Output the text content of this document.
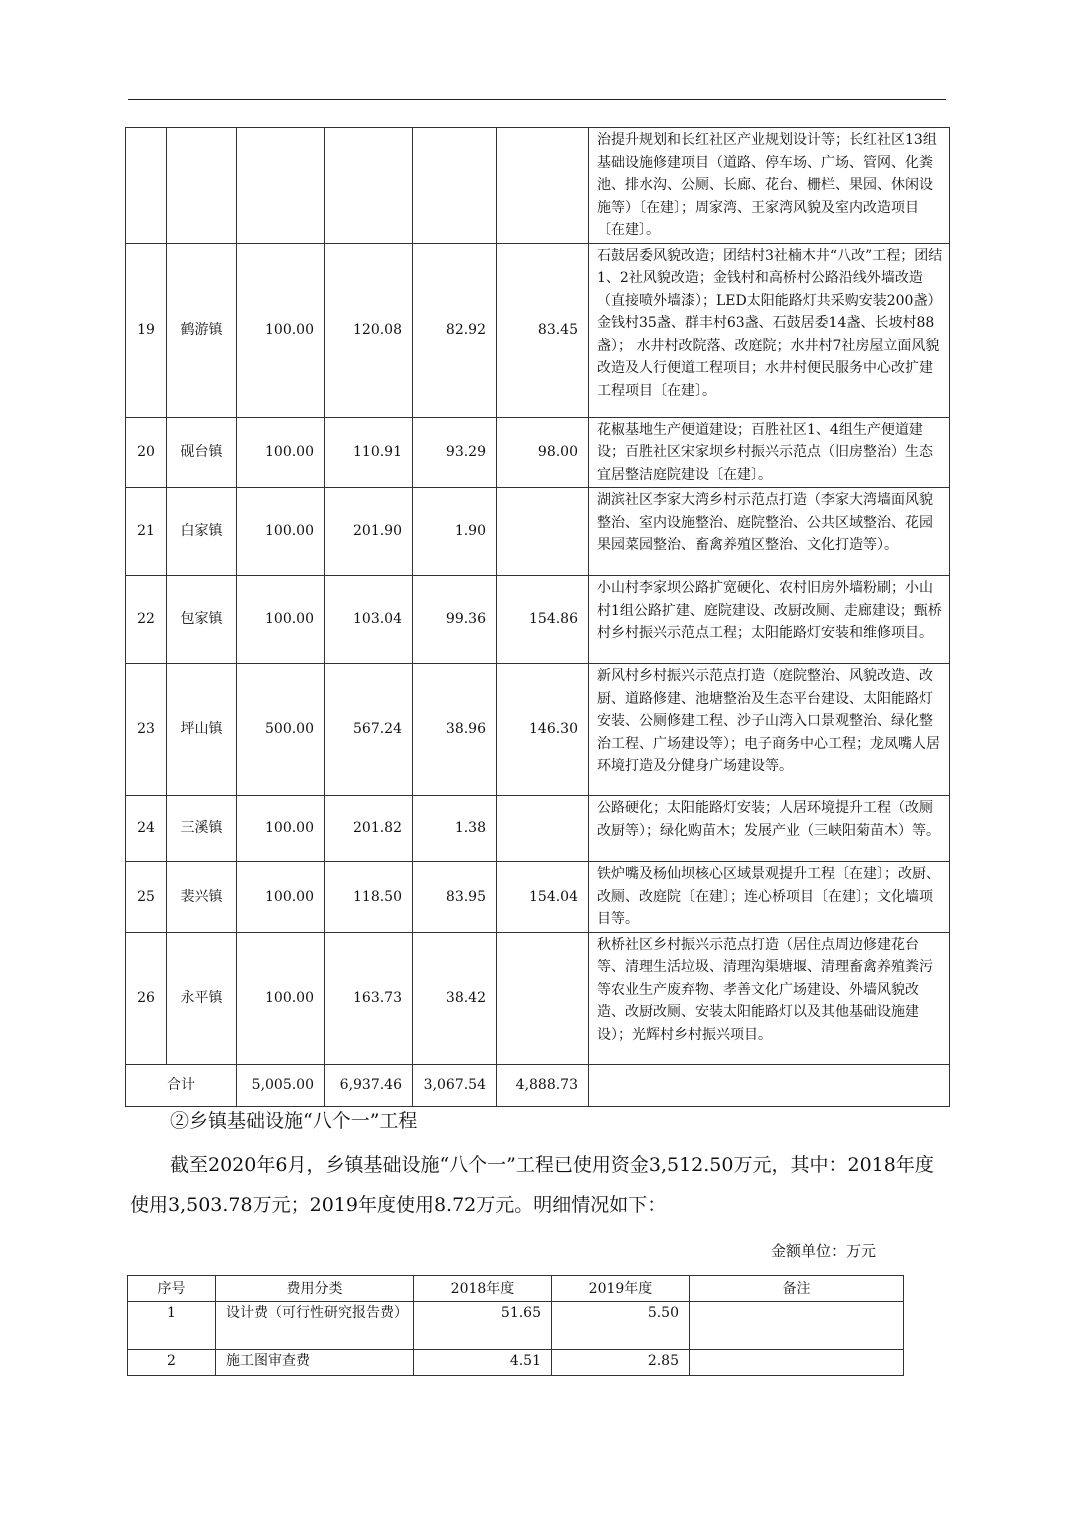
						治提升规划和长红社区产业规划设计等；长红社区13组基础设施修建项目（道路、停车场、广场、管网、化粪池、排水沟、公厕、长廊、花台、栅栏、果园、休闲设施等）〔在建〕；周家湾、王家湾风貌及室内改造项目〔在建〕。
19	鹤游镇	100.00	120.08	82.92	83.45	石鼓居委风貌改造；团结村3社楠木井“八改”工程；团结1、2社风貌改造；金钱村和高桥村公路沿线外墙改造（直接喷外墙漆）；LED太阳能路灯共采购安装200盏）金钱村35盏、群丰村63盏、石鼓居委14盏、长坡村88盏）； 水井村改院落、改庭院；水井村7社房屋立面风貌改造及人行便道工程项目；水井村便民服务中心改扩建工程项目〔在建〕。
20	砚台镇	100.00	110.91	93.29	98.00	花椒基地生产便道建设；百胜社区1、4组生产便道建设；百胜社区宋家坝乡村振兴示范点（旧房整治）生态宜居整洁庭院建设〔在建〕。
21	白家镇	100.00	201.90	1.90		湖滨社区李家大湾乡村示范点打造（李家大湾墙面风貌整治、室内设施整治、庭院整治、公共区域整治、花园果园菜园整治、畜禽养殖区整治、文化打造等）。
22	包家镇	100.00	103.04	99.36	154.86	小山村李家坝公路扩宽硬化、农村旧房外墙粉刷；小山村1组公路扩建、庭院建设、改厨改厕、走廊建设；甄桥村乡村振兴示范点工程；太阳能路灯安装和维修项目。
23	坪山镇	500.00	567.24	38.96	146.30	新风村乡村振兴示范点打造（庭院整治、风貌改造、改厨、道路修建、池塘整治及生态平台建设、太阳能路灯安装、公厕修建工程、沙子山湾入口景观整治、绿化整治工程、广场建设等）；电子商务中心工程；龙凤嘴人居环境打造及分健身广场建设等。
24	三溪镇	100.00	201.82	1.38		公路硬化；太阳能路灯安装；人居环境提升工程（改厕改厨等）；绿化购苗木；发展产业（三峡阳菊苗木）等。
25	裴兴镇	100.00	118.50	83.95	154.04	铁炉嘴及杨仙坝核心区域景观提升工程〔在建〕；改厨、改厕、改庭院〔在建〕；连心桥项目〔在建〕；文化墙项目等。
26	永平镇	100.00	163.73	38.42		秋桥社区乡村振兴示范点打造（居住点周边修建花台等、清理生活垃圾、清理沟渠塘堰、清理畜禽养殖粪污等农业生产废弃物、孝善文化广场建设、外墙风貌改造、改厨改厕、安装太阳能路灯以及其他基础设施建设）；光辉村乡村振兴项目。
合计		5,005.00	6,937.46	3,067.54	4,888.73	
②乡镇基础设施“八个一”工程
截至2020年6月，乡镇基础设施“八个一”工程已使用资金3,512.50万元，其中：2018年度使用3,503.78万元；2019年度使用8.72万元。明细情况如下：
金额单位：万元
序号	费用分类	2018年度	2019年度	备注
1	设计费（可行性研究报告费）	51.65	5.50	
2	施工图审查费	4.51	2.85	
